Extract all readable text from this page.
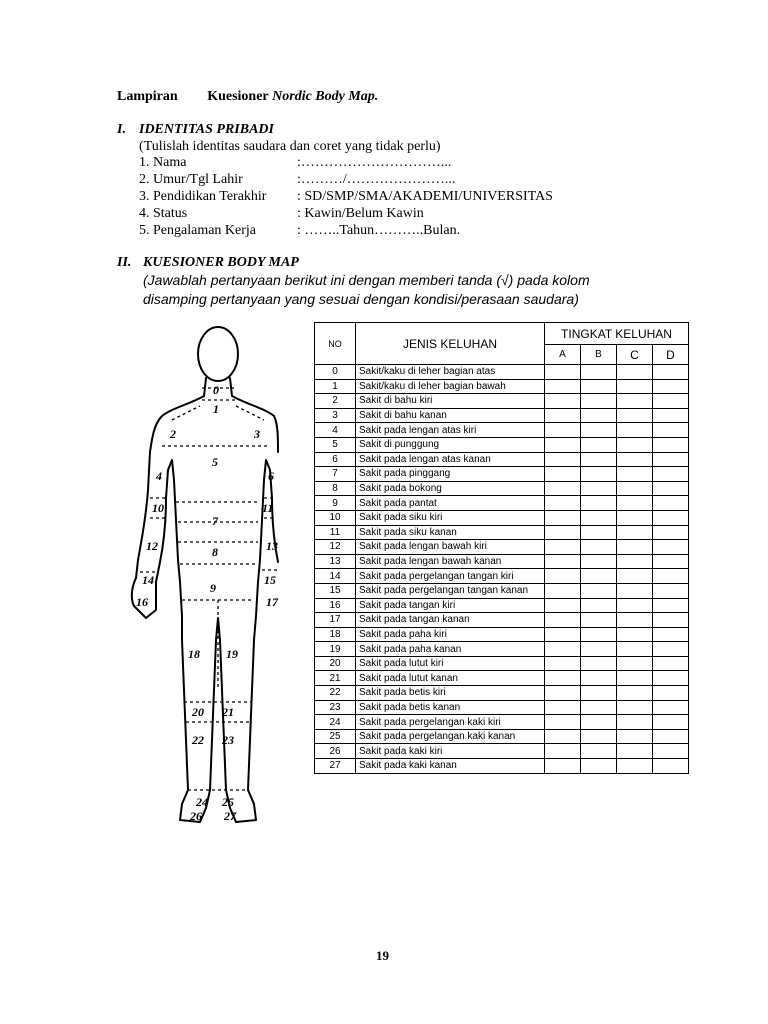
Lampiran Kuesioner Nordic Body Map.
I. IDENTITAS PRIBADI
(Tulislah identitas saudara dan coret yang tidak perlu)
1. Nama	:…………………………...
2. Umur/Tgl Lahir	:………/…………………...
3. Pendidikan Terakhir : SD/SMP/SMA/AKADEMI/UNIVERSITAS
4. Status	: Kawin/Belum Kawin
5. Pengalaman Kerja	: ……..Tahun………..Bulan.
II. KUESIONER BODY MAP
(Jawablah pertanyaan berikut ini dengan memberi tanda (√) pada kolom
disamping pertanyaan yang sesuai dengan kondisi/perasaan saudara)
0
1
2	3
4
5
6
7
8
9
10	11
12	13
14	15
16	17
18 19
20 21
22 23
24 25
26 27
NO	JENIS KELUHAN	TINGKAT KELUHAN			
		A	B	C	D
0	Sakit/kaku di leher bagian atas				
1	Sakit/kaku di leher bagian bawah				
2	Sakit di bahu kiri				
3	Sakit di bahu kanan				
4	Sakit pada lengan atas kiri				
5	Sakit di punggung				
6	Sakit pada lengan atas kanan				
7	Sakit pada pinggang				
8	Sakit pada bokong				
9	Sakit pada pantat				
10	Sakit pada siku kiri				
11	Sakit pada siku kanan				
12	Sakit pada lengan bawah kiri				
13	Sakit pada lengan bawah kanan				
14	Sakit pada pergelangan tangan kiri				
15	Sakit pada pergelangan tangan kanan				
16	Sakit pada tangan kiri				
17	Sakit pada tangan kanan				
18	Sakit pada paha kiri				
19	Sakit pada paha kanan				
20	Sakit pada lutut kiri				
21	Sakit pada lutut kanan				
22	Sakit pada betis kiri				
23	Sakit pada betis kanan				
24	Sakit pada pergelangan kaki kiri				
25	Sakit pada pergelangan kaki kanan				
26	Sakit pada kaki kiri				
27	Sakit pada kaki kanan				
19
